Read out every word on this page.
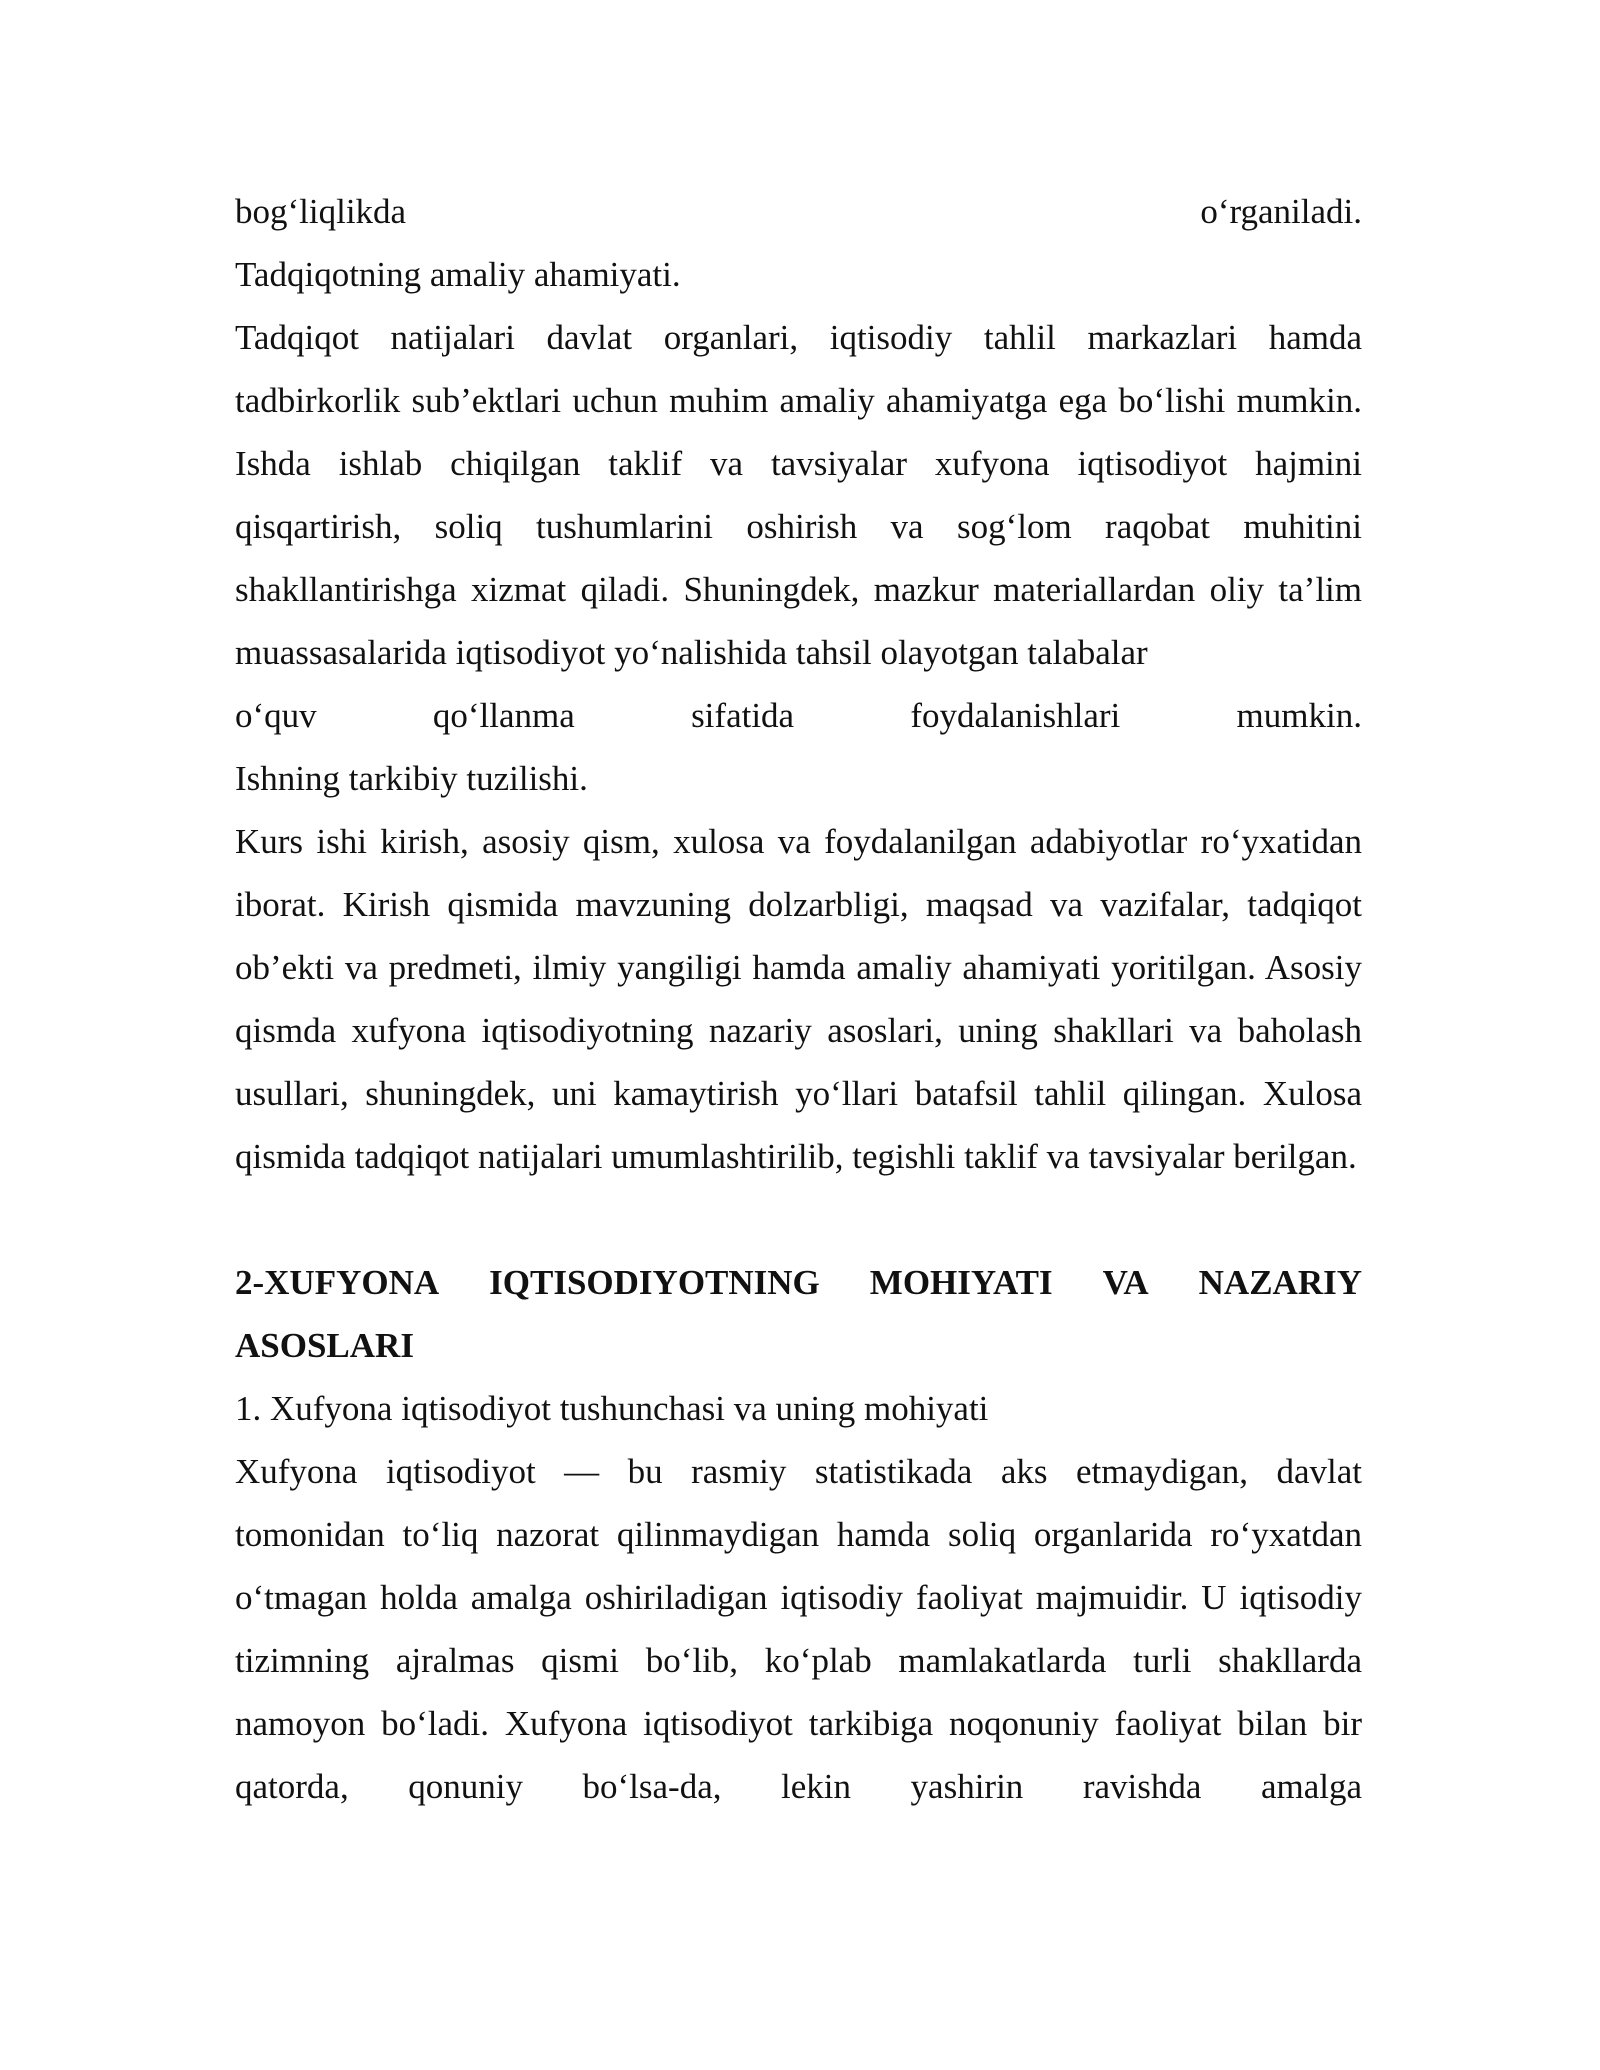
bog‘liqlikda	o‘rganiladi.

Tadqiqotning amaliy ahamiyati.

Tadqiqot natijalari davlat organlari, iqtisodiy tahlil markazlari hamda tadbirkorlik sub’ektlari uchun muhim amaliy ahamiyatga ega bo‘lishi mumkin. Ishda ishlab chiqilgan taklif va tavsiyalar xufyona iqtisodiyot hajmini qisqartirish, soliq tushumlarini oshirish va sog‘lom raqobat muhitini shakllantirishga xizmat qiladi. Shuningdek, mazkur materiallardan oliy ta’lim muassasalarida iqtisodiyot yo‘nalishida tahsil olayotgan talabalar

o‘quv	qo‘llanma	sifatida	foydalanishlari	mumkin.

Ishning tarkibiy tuzilishi.

Kurs ishi kirish, asosiy qism, xulosa va foydalanilgan adabiyotlar ro‘yxatidan iborat. Kirish qismida mavzuning dolzarbligi, maqsad va vazifalar, tadqiqot ob’ekti va predmeti, ilmiy yangiligi hamda amaliy ahamiyati yoritilgan. Asosiy qismda xufyona iqtisodiyotning nazariy asoslari, uning shakllari va baholash usullari, shuningdek, uni kamaytirish yo‘llari batafsil tahlil qilingan. Xulosa qismida tadqiqot natijalari umumlashtirilib, tegishli taklif va tavsiyalar berilgan.

2-XUFYONA IQTISODIYOTNING MOHIYATI VA NAZARIY

ASOSLARI

1. Xufyona iqtisodiyot tushunchasi va uning mohiyati

Xufyona iqtisodiyot — bu rasmiy statistikada aks etmaydigan, davlat tomonidan to‘liq nazorat qilinmaydigan hamda soliq organlarida ro‘yxatdan o‘tmagan holda amalga oshiriladigan iqtisodiy faoliyat majmuidir. U iqtisodiy tizimning ajralmas qismi bo‘lib, ko‘plab mamlakatlarda turli shakllarda namoyon bo‘ladi. Xufyona iqtisodiyot tarkibiga noqonuniy faoliyat bilan bir qatorda, qonuniy bo‘lsa-da, lekin yashirin ravishda amalga
